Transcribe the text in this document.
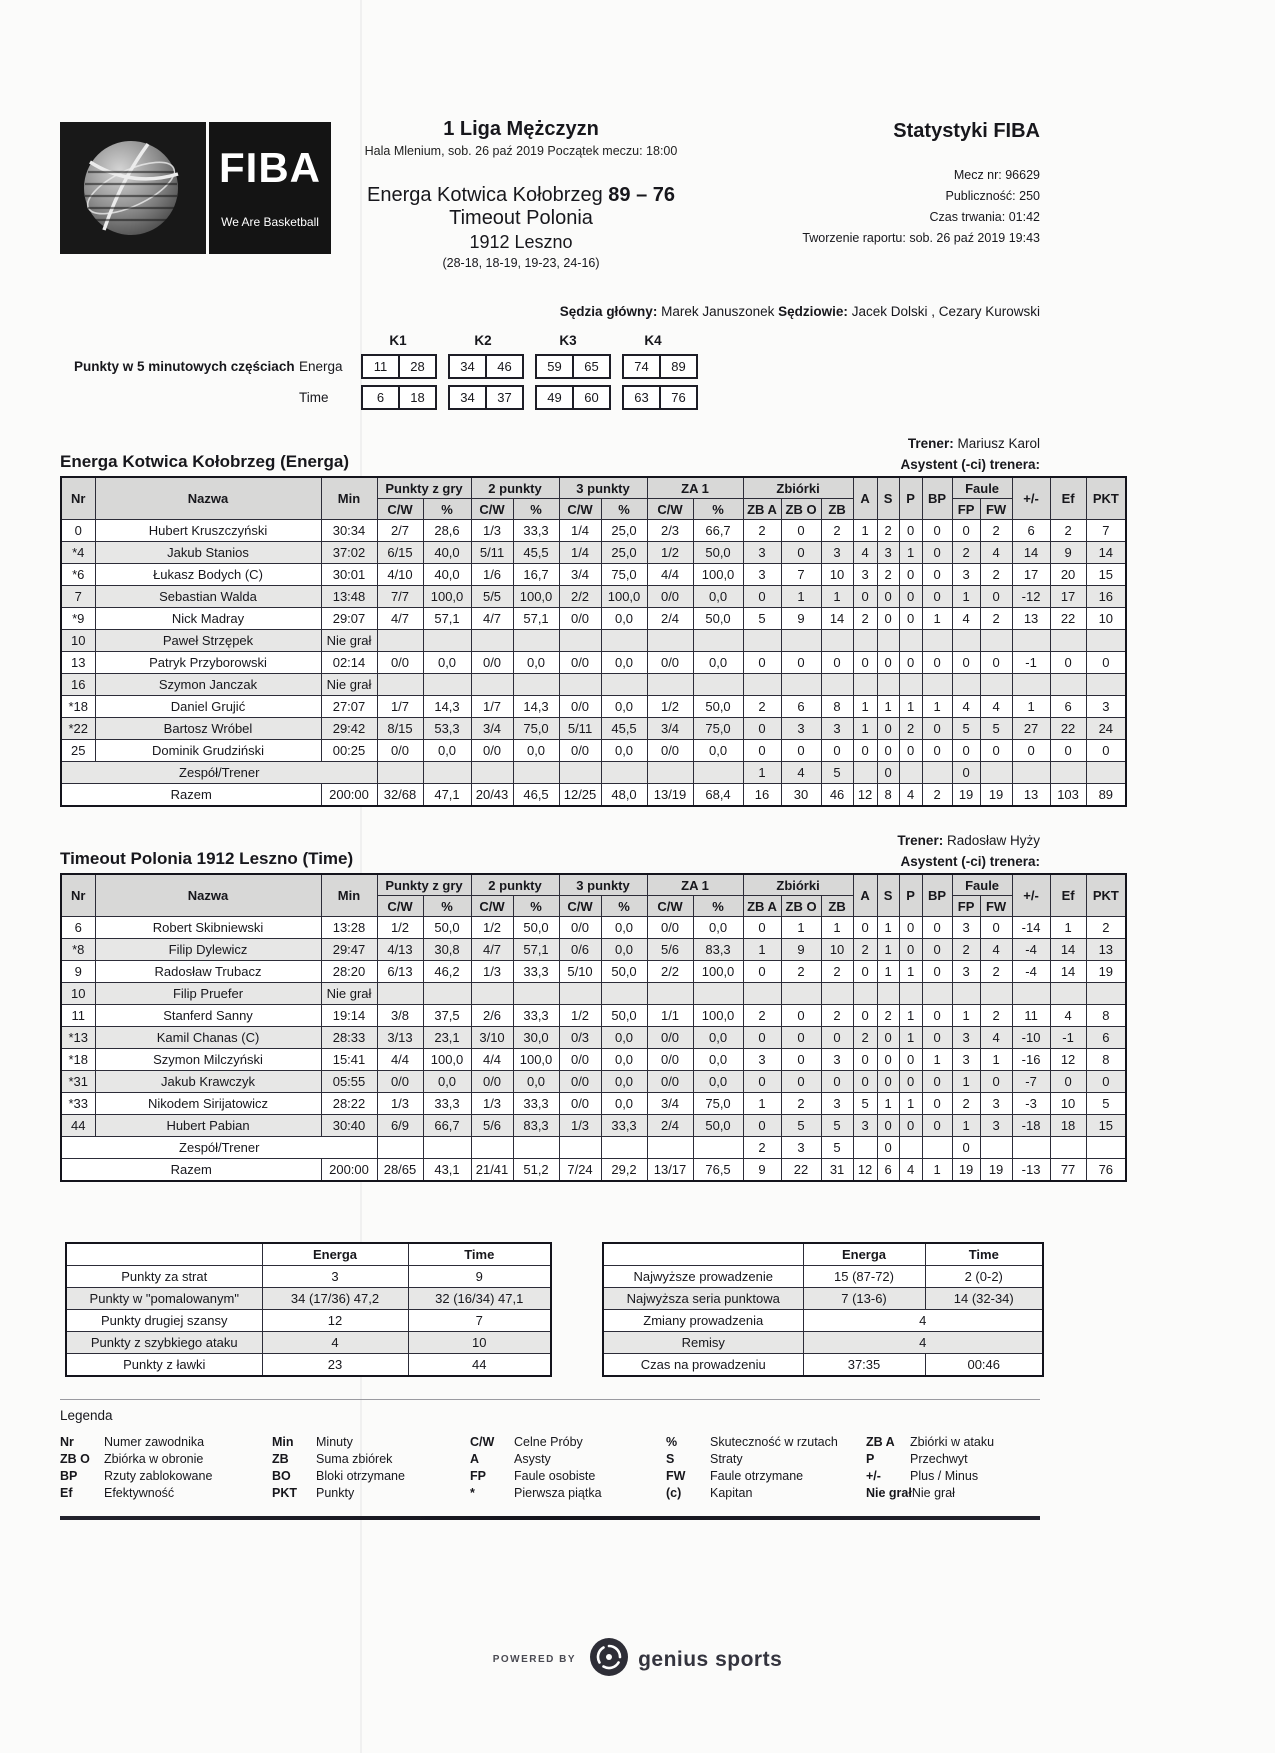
FIBA
We Are Basketball
1 Liga Mężczyzn
Hala Mlenium, sob. 26 paź 2019 Początek meczu: 18:00
Energa Kotwica Kołobrzeg 89 – 76 Timeout Polonia
1912 Leszno
(28-18, 18-19, 19-23, 24-16)
Statystyki FIBA
Mecz nr: 96629
Publiczność: 250
Czas trwania: 01:42
Tworzenie raportu: sob. 26 paź 2019 19:43
Sędzia główny: Marek Januszonek Sędziowie: Jacek Dolski , Cezary Kurowski
K1	K2	K3	K4
Punkty w 5 minutowych częściach Energa	11	28	34	46	59	65	74	89
Time	6	18	34	37	49	60	63	76
Trener: Mariusz Karol
Energa Kotwica Kołobrzeg (Energa)	Asystent (-ci) trenera:
Nr	Nazwa	Min	Punkty z gry		2 punkty		3 punkty		ZA 1		Zbiórki			A	S	P	BP	Faule		+/-	Ef	PKT
			C/W	%	C/W	%	C/W	%	C/W	%	ZB A	ZB O	ZB					FP	FW			
0	Hubert Kruszczyński	30:34	2/7	28,6	1/3	33,3	1/4	25,0	2/3	66,7	2	0	2	1	2	0	0	0	2	6	2	7
*4	Jakub Stanios	37:02	6/15	40,0	5/11	45,5	1/4	25,0	1/2	50,0	3	0	3	4	3	1	0	2	4	14	9	14
*6	Łukasz Bodych (C)	30:01	4/10	40,0	1/6	16,7	3/4	75,0	4/4	100,0	3	7	10	3	2	0	0	3	2	17	20	15
7	Sebastian Walda	13:48	7/7	100,0	5/5	100,0	2/2	100,0	0/0	0,0	0	1	1	0	0	0	0	1	0	-12	17	16
*9	Nick Madray	29:07	4/7	57,1	4/7	57,1	0/0	0,0	2/4	50,0	5	9	14	2	0	0	1	4	2	13	22	10
10	Paweł Strzępek	Nie grał																				
13	Patryk Przyborowski	02:14	0/0	0,0	0/0	0,0	0/0	0,0	0/0	0,0	0	0	0	0	0	0	0	0	0	-1	0	0
16	Szymon Janczak	Nie grał																				
*18	Daniel Grujić	27:07	1/7	14,3	1/7	14,3	0/0	0,0	1/2	50,0	2	6	8	1	1	1	1	4	4	1	6	3
*22	Bartosz Wróbel	29:42	8/15	53,3	3/4	75,0	5/11	45,5	3/4	75,0	0	3	3	1	0	2	0	5	5	27	22	24
25	Dominik Grudziński	00:25	0/0	0,0	0/0	0,0	0/0	0,0	0/0	0,0	0	0	0	0	0	0	0	0	0	0	0	0
Zespół/Trener											1	4	5		0			0				
Razem		200:00	32/68	47,1	20/43	46,5	12/25	48,0	13/19	68,4	16	30	46	12	8	4	2	19	19	13	103	89
Trener: Radosław Hyży
Timeout Polonia 1912 Leszno (Time)	Asystent (-ci) trenera:
Nr	Nazwa	Min	Punkty z gry		2 punkty		3 punkty		ZA 1		Zbiórki			A	S	P	BP	Faule		+/-	Ef	PKT
			C/W	%	C/W	%	C/W	%	C/W	%	ZB A	ZB O	ZB					FP	FW			
6	Robert Skibniewski	13:28	1/2	50,0	1/2	50,0	0/0	0,0	0/0	0,0	0	1	1	0	1	0	0	3	0	-14	1	2
*8	Filip Dylewicz	29:47	4/13	30,8	4/7	57,1	0/6	0,0	5/6	83,3	1	9	10	2	1	0	0	2	4	-4	14	13
9	Radosław Trubacz	28:20	6/13	46,2	1/3	33,3	5/10	50,0	2/2	100,0	0	2	2	0	1	1	0	3	2	-4	14	19
10	Filip Pruefer	Nie grał																				
11	Stanferd Sanny	19:14	3/8	37,5	2/6	33,3	1/2	50,0	1/1	100,0	2	0	2	0	2	1	0	1	2	11	4	8
*13	Kamil Chanas (C)	28:33	3/13	23,1	3/10	30,0	0/3	0,0	0/0	0,0	0	0	0	2	0	1	0	3	4	-10	-1	6
*18	Szymon Milczyński	15:41	4/4	100,0	4/4	100,0	0/0	0,0	0/0	0,0	3	0	3	0	0	0	1	3	1	-16	12	8
*31	Jakub Krawczyk	05:55	0/0	0,0	0/0	0,0	0/0	0,0	0/0	0,0	0	0	0	0	0	0	0	1	0	-7	0	0
*33	Nikodem Sirijatowicz	28:22	1/3	33,3	1/3	33,3	0/0	0,0	3/4	75,0	1	2	3	5	1	1	0	2	3	-3	10	5
44	Hubert Pabian	30:40	6/9	66,7	5/6	83,3	1/3	33,3	2/4	50,0	0	5	5	3	0	0	0	1	3	-18	18	15
Zespół/Trener											2	3	5		0			0				
Razem		200:00	28/65	43,1	21/41	51,2	7/24	29,2	13/17	76,5	9	22	31	12	6	4	1	19	19	-13	77	76
	Energa	Time
Punkty za strat	3	9
Punkty w "pomalowanym"	34 (17/36) 47,2	32 (16/34) 47,1
Punkty drugiej szansy	12	7
Punkty z szybkiego ataku	4	10
Punkty z ławki	23	44
	Energa	Time
Najwyższe prowadzenie	15 (87-72)	2 (0-2)
Najwyższa seria punktowa	7 (13-6)	14 (32-34)
Zmiany prowadzenia	4	
Remisy	4	
Czas na prowadzeniu	37:35	00:46
Legenda
Nr Numer zawodnika	Min Minuty	C/W Celne Próby	%	Skuteczność w rzutach	ZB A Zbiórki w ataku
ZB O Zbiórka w obronie	ZB Suma zbiórek	A	Asysty	S	Straty	P	Przechwyt
BP Rzuty zablokowane	BO Bloki otrzymane	FP Faule osobiste	FW Faule otrzymane	+/- Plus / Minus
Ef	Efektywność	PKT Punkty	*	Pierwsza piątka	(c) Kapitan	Nie grałNie grał
POWERED BY	genius sports
